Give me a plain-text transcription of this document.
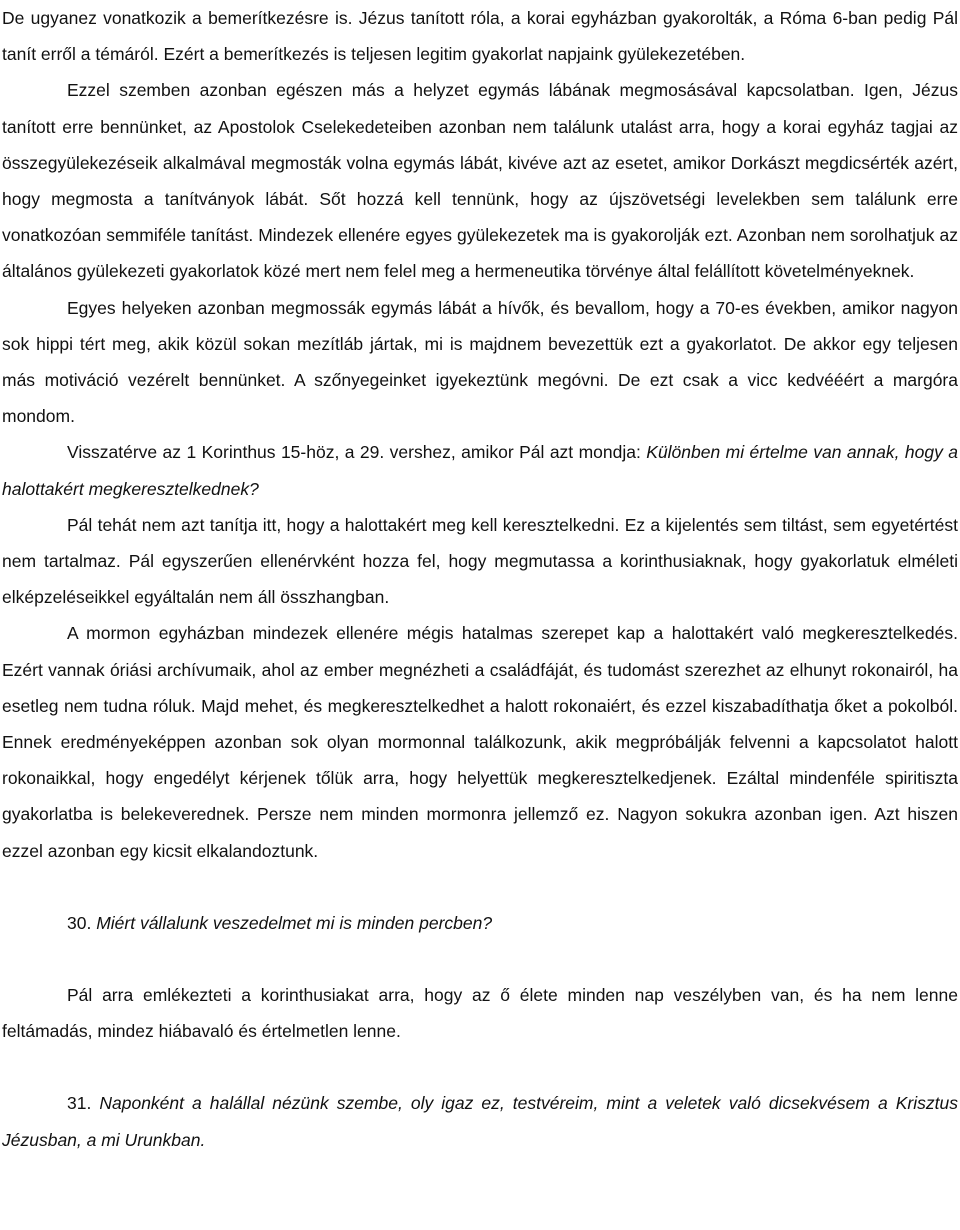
De ugyanez vonatkozik a bemerítkezésre is. Jézus tanított róla, a korai egyházban gyakorolták, a Róma 6-ban pedig Pál tanít erről a témáról. Ezért a bemerítkezés is teljesen legitim gyakorlat napjaink gyülekezetében.

Ezzel szemben azonban egészen más a helyzet egymás lábának megmosásával kapcsolatban. Igen, Jézus tanított erre bennünket, az Apostolok Cselekedeteiben azonban nem találunk utalást arra, hogy a korai egyház tagjai az összegyülekezéseik alkalmával megmosták volna egymás lábát, kivéve azt az esetet, amikor Dorkászt megdicsérték azért, hogy megmosta a tanítványok lábát. Sőt hozzá kell tennünk, hogy az újszövetségi levelekben sem találunk erre vonatkozóan semmiféle tanítást. Mindezek ellenére egyes gyülekezetek ma is gyakorolják ezt. Azonban nem sorolhatjuk az általános gyülekezeti gyakorlatok közé mert nem felel meg a hermeneutika törvénye által felállított követelményeknek.

Egyes helyeken azonban megmossák egymás lábát a hívők, és bevallom, hogy a 70-es években, amikor nagyon sok hippi tért meg, akik közül sokan mezítláb jártak, mi is majdnem bevezettük ezt a gyakorlatot. De akkor egy teljesen más motiváció vezérelt bennünket. A szőnyegeinket igyekeztünk megóvni. De ezt csak a vicc kedvééért a margóra mondom.

Visszatérve az 1 Korinthus 15-höz, a 29. vershez, amikor Pál azt mondja: Különben mi értelme van annak, hogy a halottakért megkeresztelkednek?

Pál tehát nem azt tanítja itt, hogy a halottakért meg kell keresztelkedni. Ez a kijelentés sem tiltást, sem egyetértést nem tartalmaz. Pál egyszerűen ellenérvként hozza fel, hogy megmutassa a korinthusiaknak, hogy gyakorlatuk elméleti elképzeléseikkel egyáltalán nem áll összhangban.

A mormon egyházban mindezek ellenére mégis hatalmas szerepet kap a halottakért való megkeresztelkedés. Ezért vannak óriási archívumaik, ahol az ember megnézheti a családfáját, és tudomást szerezhet az elhunyt rokonairól, ha esetleg nem tudna róluk. Majd mehet, és megkeresztelkedhet a halott rokonaiért, és ezzel kiszabadíthatja őket a pokolból. Ennek eredményeképpen azonban sok olyan mormonnal találkozunk, akik megpróbálják felvenni a kapcsolatot halott rokonaikkal, hogy engedélyt kérjenek tőlük arra, hogy helyettük megkeresztelkedjenek. Ezáltal mindenféle spiritiszta gyakorlatba is belekeverednek. Persze nem minden mormonra jellemző ez. Nagyon sokukra azonban igen. Azt hiszen ezzel azonban egy kicsit elkalandoztunk.

30. Miért vállalunk veszedelmet mi is minden percben?

Pál arra emlékezteti a korinthusiakat arra, hogy az ő élete minden nap veszélyben van, és ha nem lenne feltámadás, mindez hiábavaló és értelmetlen lenne.

31. Naponként a halállal nézünk szembe, oly igaz ez, testvéreim, mint a veletek való dicsekvésem a Krisztus Jézusban, a mi Urunkban.
